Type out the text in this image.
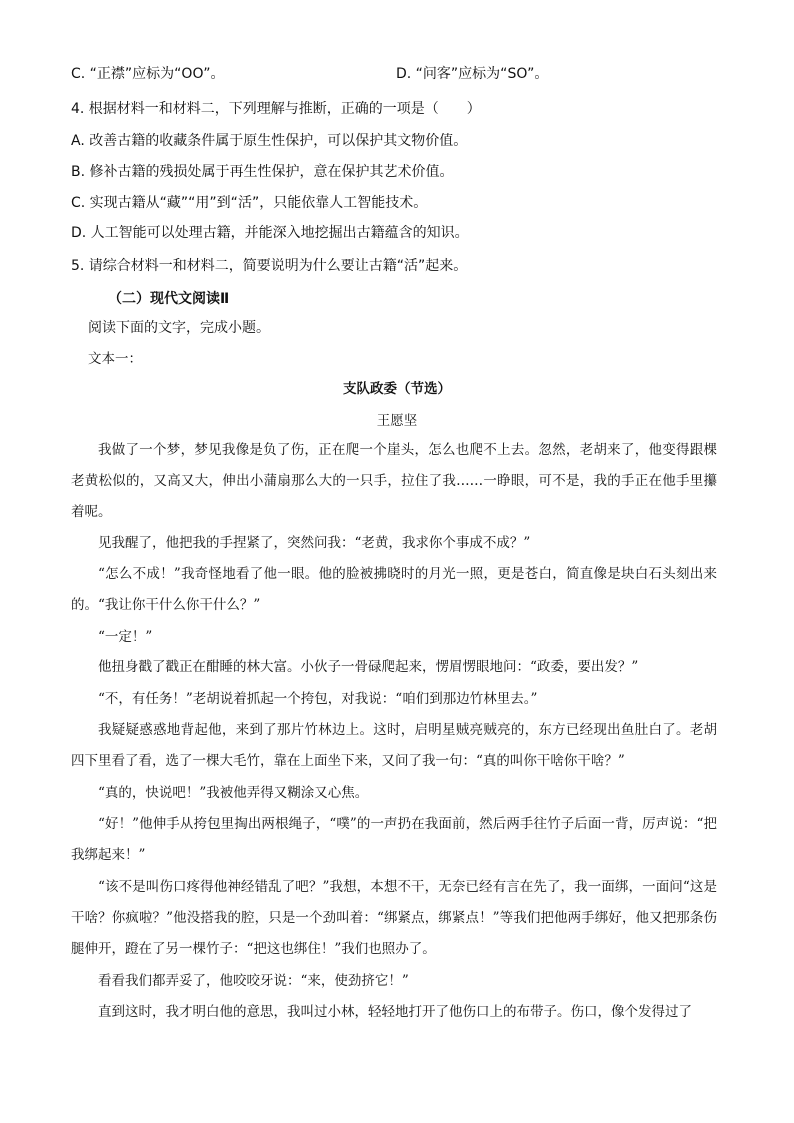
C. “正襟”应标为“OO”。	D. “问客”应标为“SO”。
4. 根据材料一和材料二，下列理解与推断，正确的一项是（　　）
A. 改善古籍的收藏条件属于原生性保护，可以保护其文物价值。
B. 修补古籍的残损处属于再生性保护，意在保护其艺术价值。
C. 实现古籍从“藏”“用”到“活”，只能依靠人工智能技术。
D. 人工智能可以处理古籍，并能深入地挖掘出古籍蕴含的知识。
5. 请综合材料一和材料二，简要说明为什么要让古籍“活”起来。
（二）现代文阅读Ⅱ
阅读下面的文字，完成小题。
文本一：
支队政委（节选）
王愿坚

我做了一个梦，梦见我像是负了伤，正在爬一个崖头，怎么也爬不上去。忽然，老胡来了，他变得跟棵老黄松似的，又高又大，伸出小蒲扇那么大的一只手，拉住了我……一睁眼，可不是，我的手正在他手里攥着呢。

见我醒了，他把我的手捏紧了，突然问我：“老黄，我求你个事成不成？”

“怎么不成！”我奇怪地看了他一眼。他的脸被拂晓时的月光一照，更是苍白，简直像是块白石头刻出来的。“我让你干什么你干什么？”

“一定！”

他扭身戳了戳正在酣睡的林大富。小伙子一骨碌爬起来，愣眉愣眼地问：“政委，要出发？”

“不，有任务！”老胡说着抓起一个挎包，对我说：“咱们到那边竹林里去。”

我疑疑惑惑地背起他，来到了那片竹林边上。这时，启明星贼亮贼亮的，东方已经现出鱼肚白了。老胡四下里看了看，选了一棵大毛竹，靠在上面坐下来，又问了我一句：“真的叫你干啥你干啥？”

“真的，快说吧！”我被他弄得又糊涂又心焦。

“好！”他伸手从挎包里掏出两根绳子，“噗”的一声扔在我面前，然后两手往竹子后面一背，厉声说：“把我绑起来！”

“该不是叫伤口疼得他神经错乱了吧？”我想，本想不干，无奈已经有言在先了，我一面绑，一面问“这是干啥？你疯啦？”他没搭我的腔，只是一个劲叫着：“绑紧点，绑紧点！”等我们把他两手绑好，他又把那条伤腿伸开，蹬在了另一棵竹子：“把这也绑住！”我们也照办了。

看看我们都弄妥了，他咬咬牙说：“来，使劲挤它！”

直到这时，我才明白他的意思，我叫过小林，轻轻地打开了他伤口上的布带子。伤口，像个发得过了
